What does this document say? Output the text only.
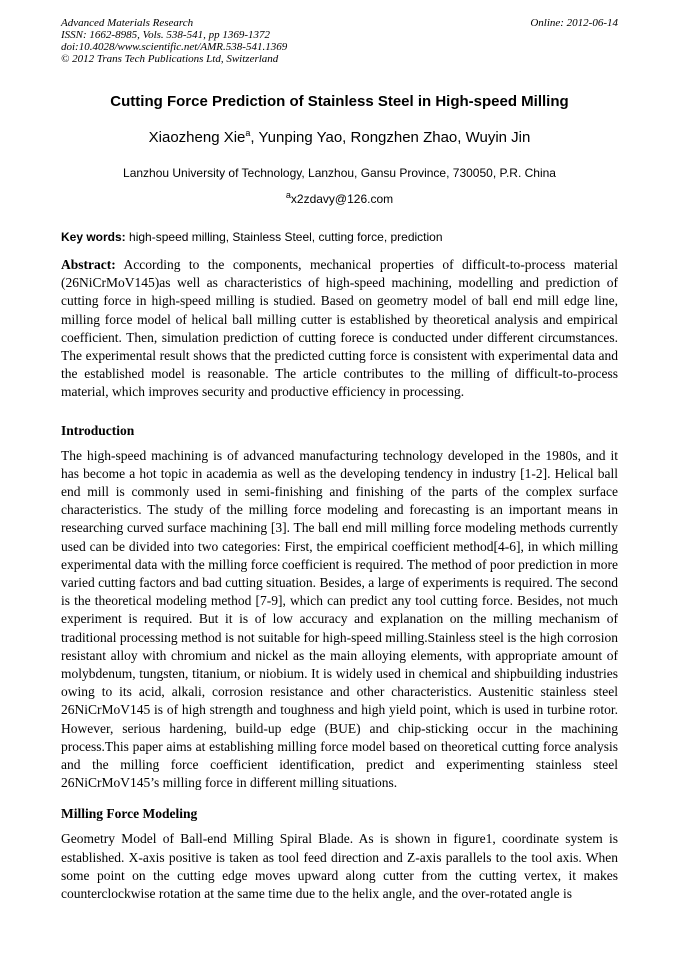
Advanced Materials Research	Online: 2012-06-14
ISSN: 1662-8985, Vols. 538-541, pp 1369-1372
doi:10.4028/www.scientific.net/AMR.538-541.1369
© 2012 Trans Tech Publications Ltd, Switzerland
Cutting Force Prediction of Stainless Steel in High-speed Milling
Xiaozheng Xie$^a$, Yunping Yao, Rongzhen Zhao, Wuyin Jin
Lanzhou University of Technology, Lanzhou, Gansu Province, 730050, P.R. China
$^a$x2zdavy@126.com

Key words: high-speed milling, Stainless Steel, cutting force, prediction

Abstract: According to the components, mechanical properties of difficult-to-process material (26NiCrMoV145)as well as characteristics of high-speed machining, modelling and prediction of cutting force in high-speed milling is studied. Based on geometry model of ball end mill edge line, milling force model of helical ball milling cutter is established by theoretical analysis and empirical coefficient. Then, simulation prediction of cutting forece is conducted under different circumstances. The experimental result shows that the predicted cutting force is consistent with experimental data and the established model is reasonable. The article contributes to the milling of difficult-to-process material, which improves security and productive efficiency in processing.

Introduction

The high-speed machining is of advanced manufacturing technology developed in the 1980s, and it has become a hot topic in academia as well as the developing tendency in industry [1-2]. Helical ball end mill is commonly used in semi-finishing and finishing of the parts of the complex surface characteristics. The study of the milling force modeling and forecasting is an important means in researching curved surface machining [3]. The ball end mill milling force modeling methods currently used can be divided into two categories: First, the empirical coefficient method[4-6], in which milling experimental data with the milling force coefficient is required. The method of poor prediction in more varied cutting factors and bad cutting situation. Besides, a large of experiments is required. The second is the theoretical modeling method [7-9], which can predict any tool cutting force. Besides, not much experiment is required. But it is of low accuracy and explanation on the milling mechanism of traditional processing method is not suitable for high-speed milling.Stainless steel is the high corrosion resistant alloy with chromium and nickel as the main alloying elements, with appropriate amount of molybdenum, tungsten, titanium, or niobium. It is widely used in chemical and shipbuilding industries owing to its acid, alkali, corrosion resistance and other characteristics. Austenitic stainless steel 26NiCrMoV145 is of high strength and toughness and high yield point, which is used in turbine rotor. However, serious hardening, build-up edge (BUE) and chip-sticking occur in the machining process.This paper aims at establishing milling force model based on theoretical cutting force analysis and the milling force coefficient identification, predict and experimenting stainless steel 26NiCrMoV145’s milling force in different milling situations.

Milling Force Modeling

Geometry Model of Ball-end Milling Spiral Blade. As is shown in figure1, coordinate system is established. X-axis positive is taken as tool feed direction and Z-axis parallels to the tool axis. When some point on the cutting edge moves upward along cutter from the cutting vertex, it makes counterclockwise rotation at the same time due to the helix angle, and the over-rotated angle is
